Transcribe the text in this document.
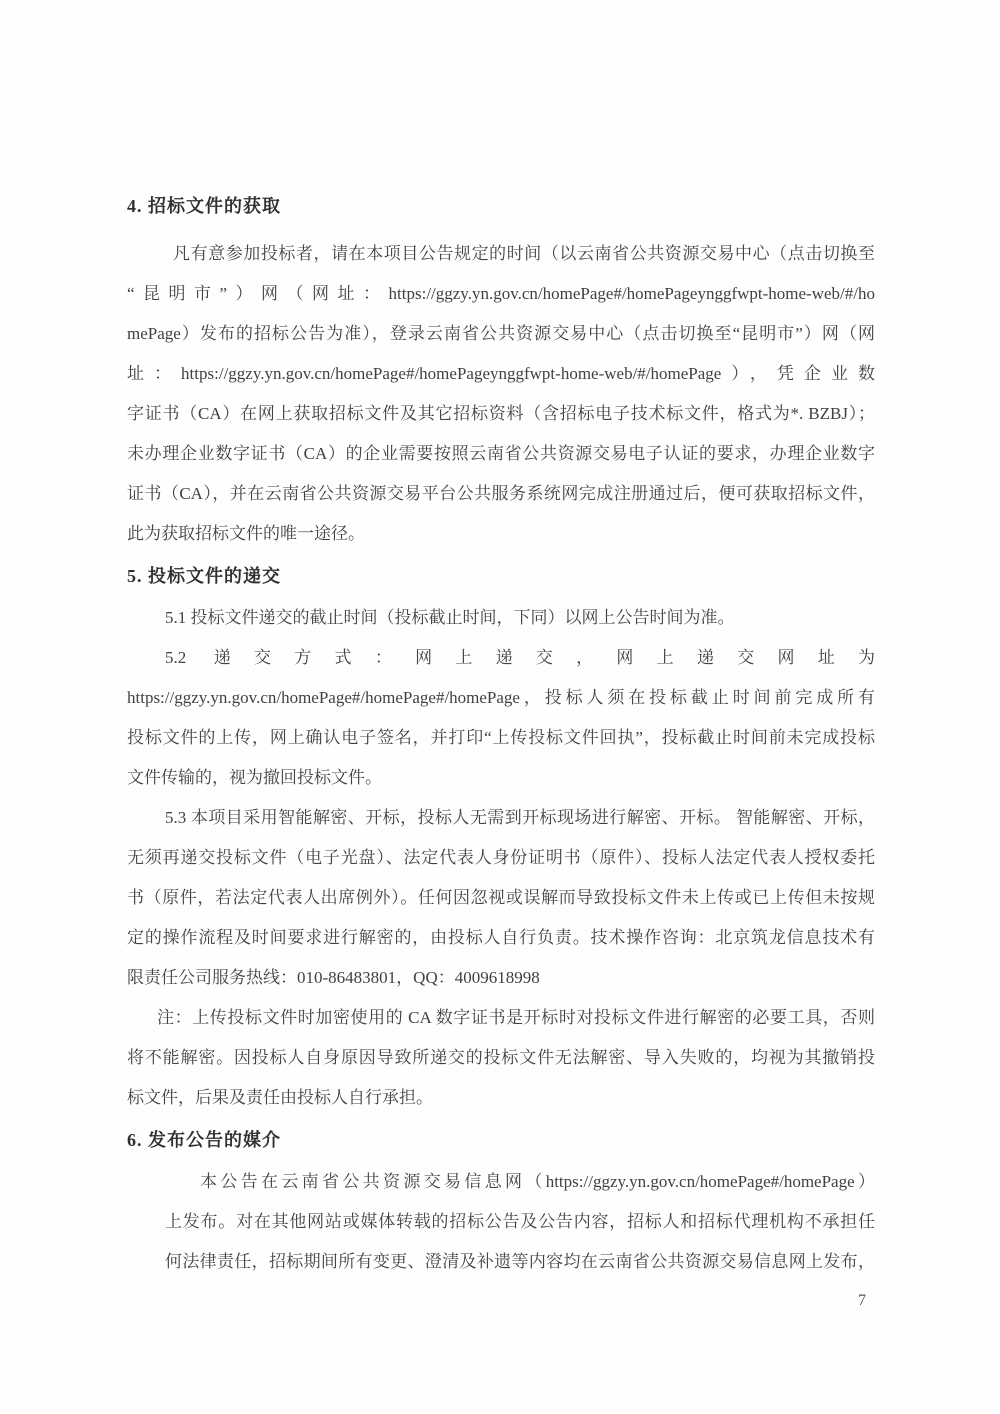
4. 招标文件的获取
凡有意参加投标者，请在本项目公告规定的时间（以云南省公共资源交易中心（点击切换至
“昆明市”）网（网址：https://ggzy.yn.gov.cn/homePage#/homePageynggfwpt-home-web/#/ho
mePage）发布的招标公告为准），登录云南省公共资源交易中心（点击切换至“昆明市”）网（网
址：https://ggzy.yn.gov.cn/homePage#/homePageynggfwpt-home-web/#/homePage），凭企业数
字证书（CA）在网上获取招标文件及其它招标资料（含招标电子技术标文件，格式为*. BZBJ）；
未办理企业数字证书（CA）的企业需要按照云南省公共资源交易电子认证的要求，办理企业数字
证书（CA），并在云南省公共资源交易平台公共服务系统网完成注册通过后，便可获取招标文件，
此为获取招标文件的唯一途径。
5. 投标文件的递交
5.1 投标文件递交的截止时间（投标截止时间，下同）以网上公告时间为准。
5.2 递交方式：网上递交，网上递交网址为
https://ggzy.yn.gov.cn/homePage#/homePage#/homePage，投标人须在投标截止时间前完成所有
投标文件的上传，网上确认电子签名，并打印“上传投标文件回执”，投标截止时间前未完成投标
文件传输的，视为撤回投标文件。
5.3 本项目采用智能解密、开标，投标人无需到开标现场进行解密、开标。 智能解密、开标，
无须再递交投标文件（电子光盘）、法定代表人身份证明书（原件）、投标人法定代表人授权委托
书（原件，若法定代表人出席例外）。任何因忽视或误解而导致投标文件未上传或已上传但未按规
定的操作流程及时间要求进行解密的，由投标人自行负责。技术操作咨询：北京筑龙信息技术有
限责任公司服务热线：010-86483801，QQ：4009618998
注：上传投标文件时加密使用的 CA 数字证书是开标时对投标文件进行解密的必要工具，否则
将不能解密。因投标人自身原因导致所递交的投标文件无法解密、导入失败的，均视为其撤销投
标文件，后果及责任由投标人自行承担。
6. 发布公告的媒介
本公告在云南省公共资源交易信息网（https://ggzy.yn.gov.cn/homePage#/homePage）
上发布。对在其他网站或媒体转载的招标公告及公告内容，招标人和招标代理机构不承担任
何法律责任，招标期间所有变更、澄清及补遗等内容均在云南省公共资源交易信息网上发布，
7
